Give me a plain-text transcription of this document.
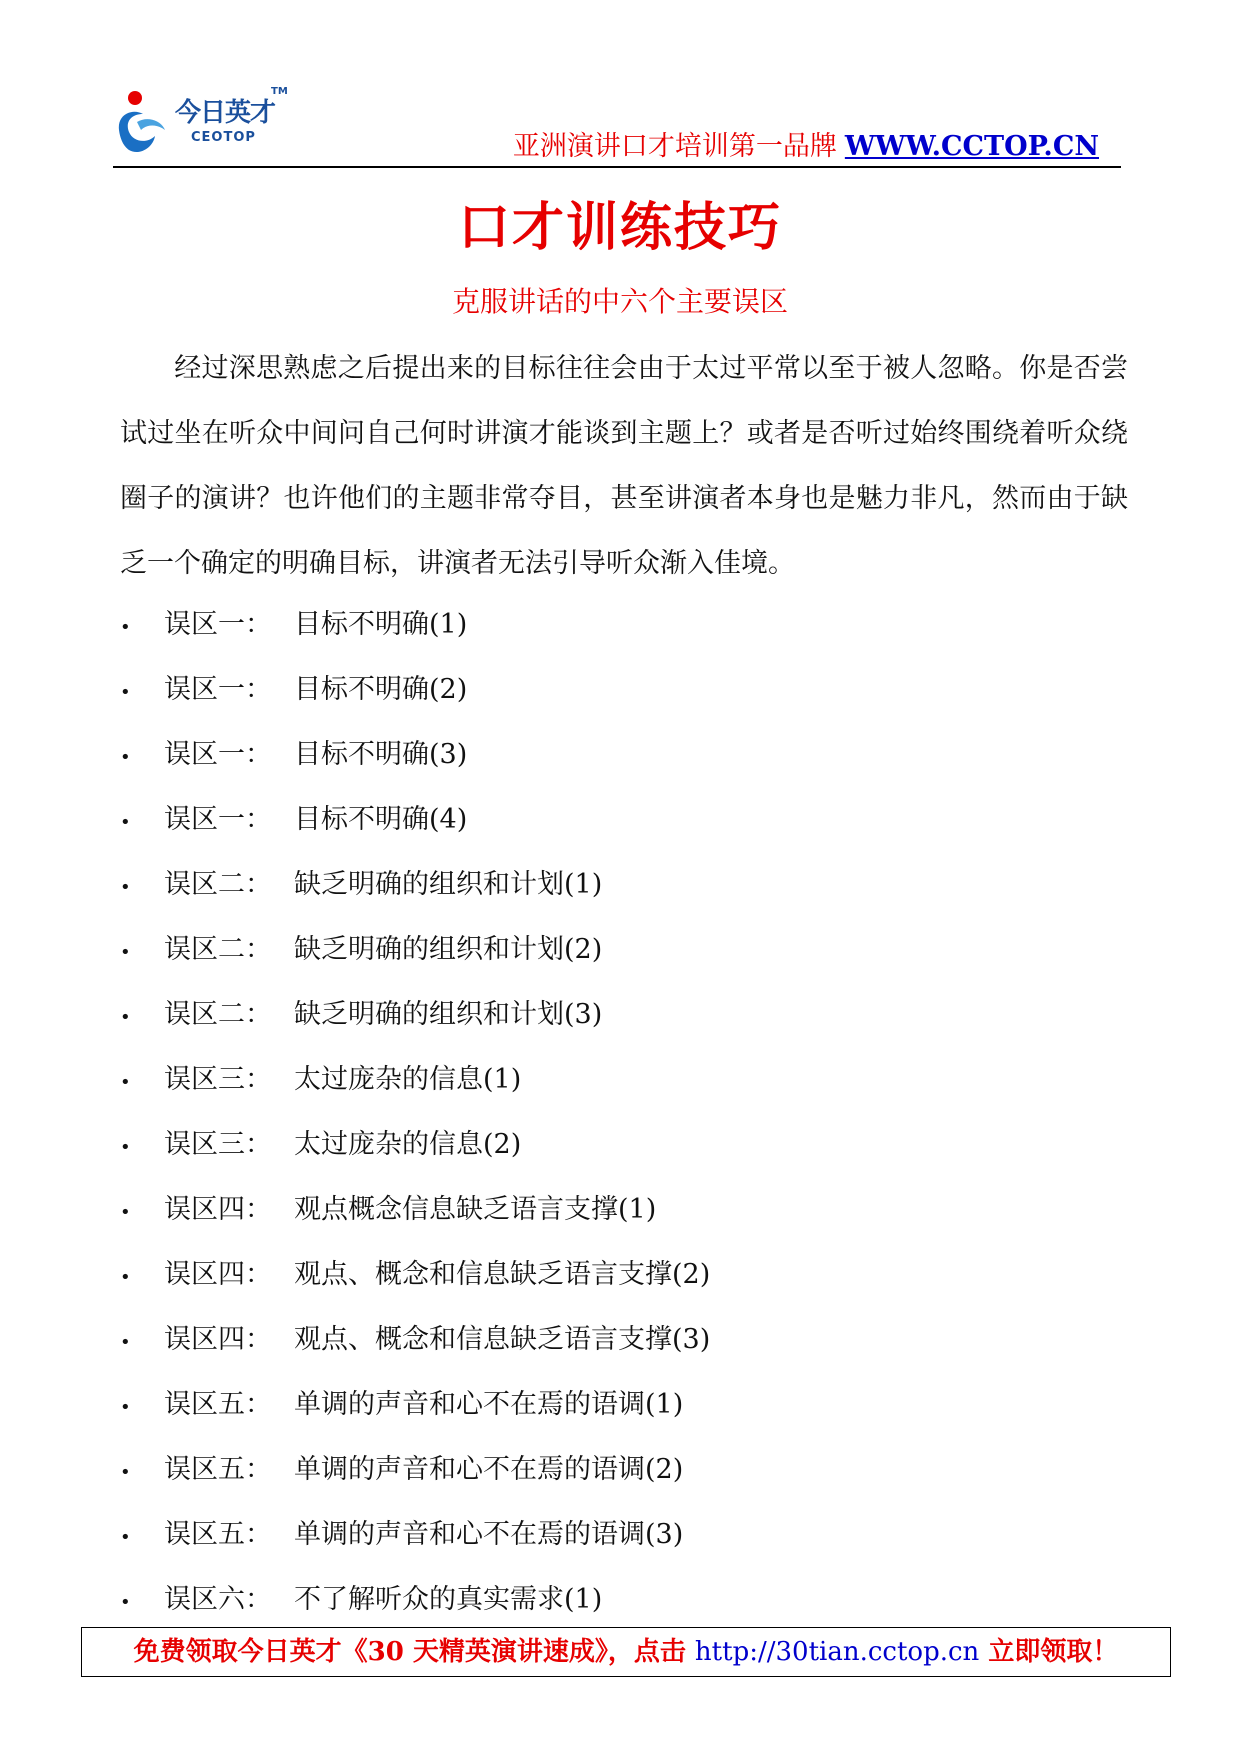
今日英才
TM
CEOTOP	亚洲演讲口才培训第一品牌 WWW.CCTOP.CN
口才训练技巧
克服讲话的中六个主要误区

经过深思熟虑之后提出来的目标往往会由于太过平常以至于被人忽略。你是否尝试过坐在听众中间问自己何时讲演才能谈到主题上？或者是否听过始终围绕着听众绕圈子的演讲？也许他们的主题非常夺目，甚至讲演者本身也是魅力非凡，然而由于缺乏一个确定的明确目标，讲演者无法引导听众渐入佳境。

• 误区一： 目标不明确(1)
• 误区一： 目标不明确(2)
• 误区一： 目标不明确(3)
• 误区一： 目标不明确(4)
• 误区二： 缺乏明确的组织和计划(1)
• 误区二： 缺乏明确的组织和计划(2)
• 误区二： 缺乏明确的组织和计划(3)
• 误区三： 太过庞杂的信息(1)
• 误区三： 太过庞杂的信息(2)
• 误区四： 观点概念信息缺乏语言支撑(1)
• 误区四： 观点、概念和信息缺乏语言支撑(2)
• 误区四： 观点、概念和信息缺乏语言支撑(3)
• 误区五： 单调的声音和心不在焉的语调(1)
• 误区五： 单调的声音和心不在焉的语调(2)
• 误区五： 单调的声音和心不在焉的语调(3)
• 误区六： 不了解听众的真实需求(1)
免费领取今日英才《30 天精英演讲速成》，点击 http://30tian.cctop.cn 立即领取！
